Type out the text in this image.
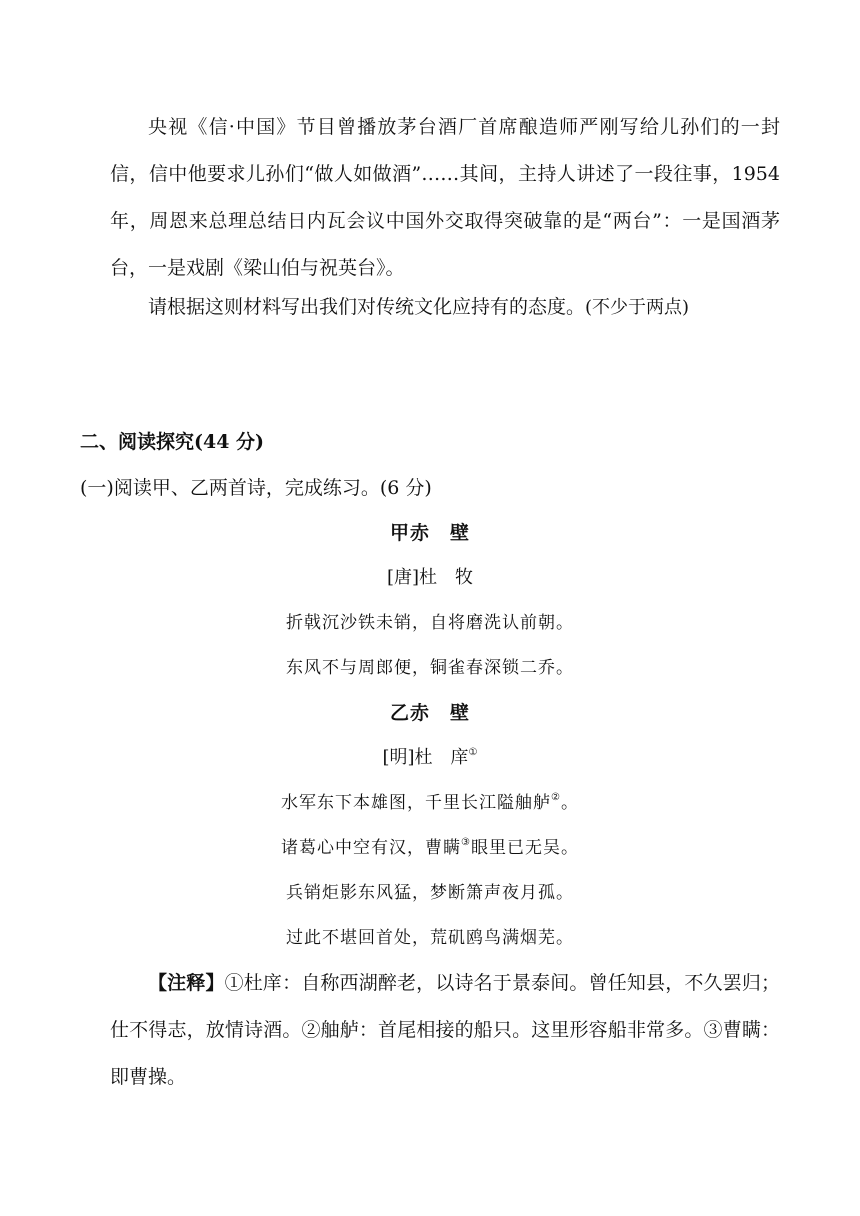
央视《信·中国》节目曾播放茅台酒厂首席酿造师严刚写给儿孙们的一封信，信中他要求儿孙们“做人如做酒”……其间，主持人讲述了一段往事，1954年，周恩来总理总结日内瓦会议中国外交取得突破靠的是“两台”：一是国酒茅台，一是戏剧《梁山伯与祝英台》。
请根据这则材料写出我们对传统文化应持有的态度。(不少于两点)
二、阅读探究(44 分)
(一)阅读甲、乙两首诗，完成练习。(6 分)
甲赤　壁
[唐]杜　牧
折戟沉沙铁未销，自将磨洗认前朝。
东风不与周郎便，铜雀春深锁二乔。
乙赤　壁
[明]杜　庠①
水军东下本雄图，千里长江隘舳舻②。
诸葛心中空有汉，曹瞒③眼里已无吴。
兵销炬影东风猛，梦断箫声夜月孤。
过此不堪回首处，荒矶鸥鸟满烟芜。
【注释】①杜庠：自称西湖醉老，以诗名于景泰间。曾任知县，不久罢归；仕不得志，放情诗酒。②舳舻：首尾相接的船只。这里形容船非常多。③曹瞒：即曹操。
